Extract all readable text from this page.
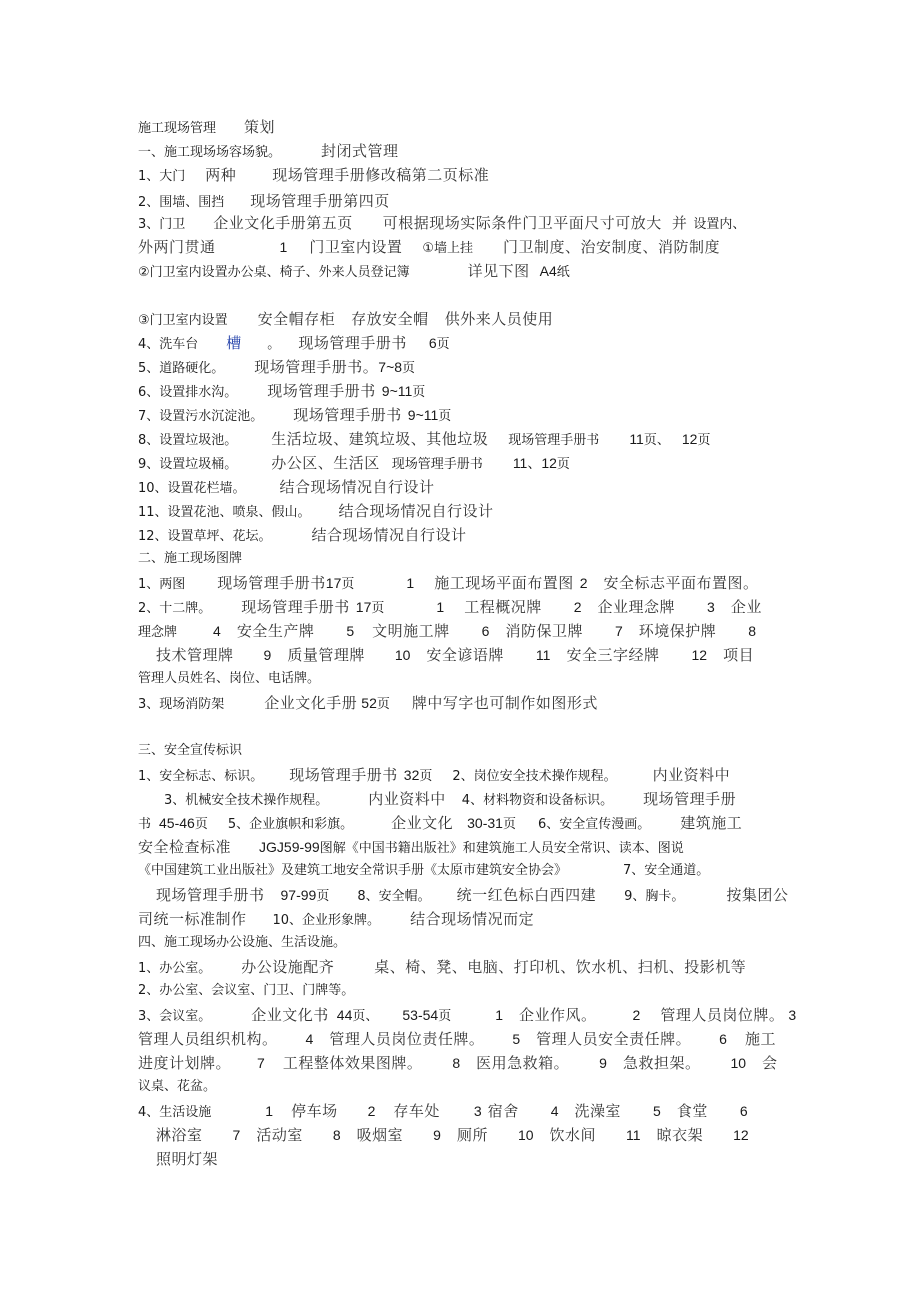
施工现场管理 策划
一、施工现场场容场貌。	封闭式管理
1、大门 两种 现场管理手册修改稿第二页标准
2、围墙、围挡 现场管理手册第四页
3、门卫 企业文化手册第五页 可根据现场实际条件门卫平面尺寸可放大 并 设置内、
外两门贯通	1 门卫室内设置 ①墙上挂 门卫制度、治安制度、消防制度
②门卫室内设置办公桌、椅子、外来人员登记簿	详见下图 A4纸
③门卫室内设置 安全帽存柜 存放安全帽 供外来人员使用
4、洗车台 槽 。 现场管理手册书 6页
5、道路硬化。 现场管理手册书。7~8页
6、设置排水沟。 现场管理手册书 9~11页
7、设置污水沉淀池。 现场管理手册书 9~11页
8、设置垃圾池。 生活垃圾、建筑垃圾、其他垃圾 现场管理手册书 11页、 12页
9、设置垃圾桶。 办公区、生活区 现场管理手册书 11、12页
10、设置花栏墙。 结合现场情况自行设计
11、设置花池、喷泉、假山。 结合现场情况自行设计
12、设置草坪、花坛。	结合现场情况自行设计
二、施工现场图牌
1、两图 现场管理手册书17页	1 施工现场平面布置图 2 安全标志平面布置图。
2、十二牌。 现场管理手册书 17页	1 工程概况牌 2 企业理念牌 3 企业
理念牌	4 安全生产牌 5 文明施工牌 6 消防保卫牌 7 环境保护牌 8
技术管理牌 9 质量管理牌 10 安全谚语牌 11 安全三字经牌 12 项目
管理人员姓名、岗位、电话牌。
3、现场消防架	企业文化手册 52页 牌中写字也可制作如图形式
三、安全宣传标识
1、安全标志、标识。 现场管理手册书 32页 2、岗位安全技术操作规程。 内业资料中
3、机械安全技术操作规程。	内业资料中 4、材料物资和设备标识。 现场管理手册
书 45-46页 5、企业旗帜和彩旗。	企业文化 30-31页 6、安全宣传漫画。 建筑施工
安全检查标准 JGJ59-99图解《中国书籍出版社》和建筑施工人员安全常识、读本、图说
《中国建筑工业出版社》及建筑工地安全常识手册《太原市建筑安全协会》	7、安全通道。
现场管理手册书 97-99页 8、安全帽。 统一红色标白西四建 9、胸卡。	按集团公
司统一标准制作 10、企业形象牌。 结合现场情况而定
四、施工现场办公设施、生活设施。
1、办公室。 办公设施配齐	桌、椅、凳、电脑、打印机、饮水机、扫机、投影机等
2、办公室、会议室、门卫、门牌等。
3、会议室。	企业文化书 44页、 53-54页	1 企业作风。	2 管理人员岗位牌。 3
管理人员组织机构。 4 管理人员岗位责任牌。 5 管理人员安全责任牌。 6 施工
进度计划牌。 7 工程整体效果图牌。 8 医用急救箱。 9 急救担架。 10 会
议桌、花盆。
4、生活设施	1 停车场 2 存车处 3 宿舍 4 洗澡室 5 食堂 6
淋浴室 7 活动室 8 吸烟室 9 厕所 10 饮水间 11 晾衣架 12
照明灯架
